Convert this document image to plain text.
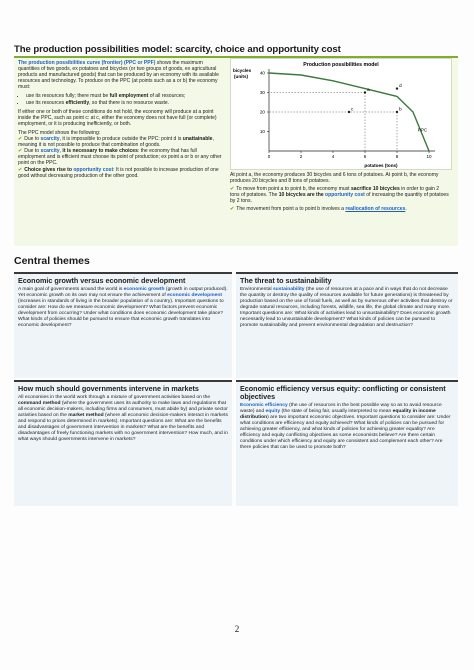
The production possibilities model: scarcity, choice and opportunity cost

The production possibilities curve (frontier) (PPC or PPF) shows the maximum quantities of two goods, ex potatoes and bicycles (or two groups of goods, ex agricultural products and manufactured goods) that can be produced by an economy with its available resources and technology. To produce on the PPC (at points such as a or b) the economy must:

• use its resources fully; there must be full employment of all resources;
• use its resources efficiently, so that there is no resource waste.

If either one or both of these conditions do not hold, the economy will produce at a point inside the PPC, such as point c: at c, either the economy does not have full (or complete) employment, or it is producing inefficiently, or both.

The PPC model shows the following:
✔ Due to scarcity, it is impossible to produce outside the PPC: point d is unattainable, meaning it is not possible to produce that combination of goods.
✔ Due to scarcity, it is necessary to make choices: the economy that has full employment and is efficient must choose its point of production; ex point a or b or any other point on the PPC.
✔ Choice gives rise to opportunity cost: It is not possible to increase production of one good without decreasing production of the other good.

Production possibilities model
bicycles
(units)
potatoes (tons)
40
30
20
10
0	2	4	6	8	10
PPC
a
b
c
d

At point a, the economy produces 30 bicycles and 6 tons of potatoes. At point b, the economy produces 20 bicycles and 8 tons of potatoes.

✔ To move from point a to point b, the economy must sacrifice 10 bicycles in order to gain 2 tons of potatoes. The 10 bicycles are the opportunity cost of increasing the quantity of potatoes by 2 tons.

✔ The movement from point a to point b involves a reallocation of resources.

Central themes
Economic growth versus economic development
A main goal of governments around the world is economic growth (growth in output produced). Yet economic growth on its own may not ensure the achievement of economic development (increases in standards of living in the broader population of a country). Important questions to consider are: How do we measure economic development? What factors prevent economic development from occurring? Under what conditions does economic development take place? What kinds of policies should be pursued to ensure that economic growth translates into economic development?
The threat to sustainability
Environmental sustainability (the use of resources at a pace and in ways that do not decrease the quantity or destroy the quality of resources available for future generations) is threatened by production based on the use of fossil fuels, as well as by numerous other activities that destroy or degrade natural resources, including forests, wildlife, sea life, the global climate and many more. Important questions are: What kinds of activities lead to unsustainability? Does economic growth necessarily lead to unsustainable development? What kinds of policies can be pursued to promote sustainability and prevent environmental degradation and destruction?
How much should governments intervene in markets
All economies in the world work through a mixture of government activities based on the command method (where the government uses its authority to make laws and regulations that all economic decision-makers, including firms and consumers, must abide by) and private sector activities based on the market method (where all economic decision-makers interact in markets and respond to prices determined in markets). Important questions are: What are the benefits and disadvantages of government intervention in markets? What are the benefits and disadvantages of freely functioning markets with no government intervention? How much, and in what ways should governments intervene in markets?
Economic efficiency versus equity: conflicting or consistent objectives
Economic efficiency (the use of resources in the best possible way so as to avoid resource waste) and equity (the state of being fair, usually interpreted to mean equality in income distribution) are two important economic objectives. Important questions to consider are: Under what conditions are efficiency and equity achieved? What kinds of policies can be pursued for achieving greater efficiency, and what kinds of policies for achieving greater equality? Are efficiency and equity conflicting objectives as some economists believe? Are there certain conditions under which efficiency and equity are consistent and complement each other? Are there policies that can be used to promote both?
2
